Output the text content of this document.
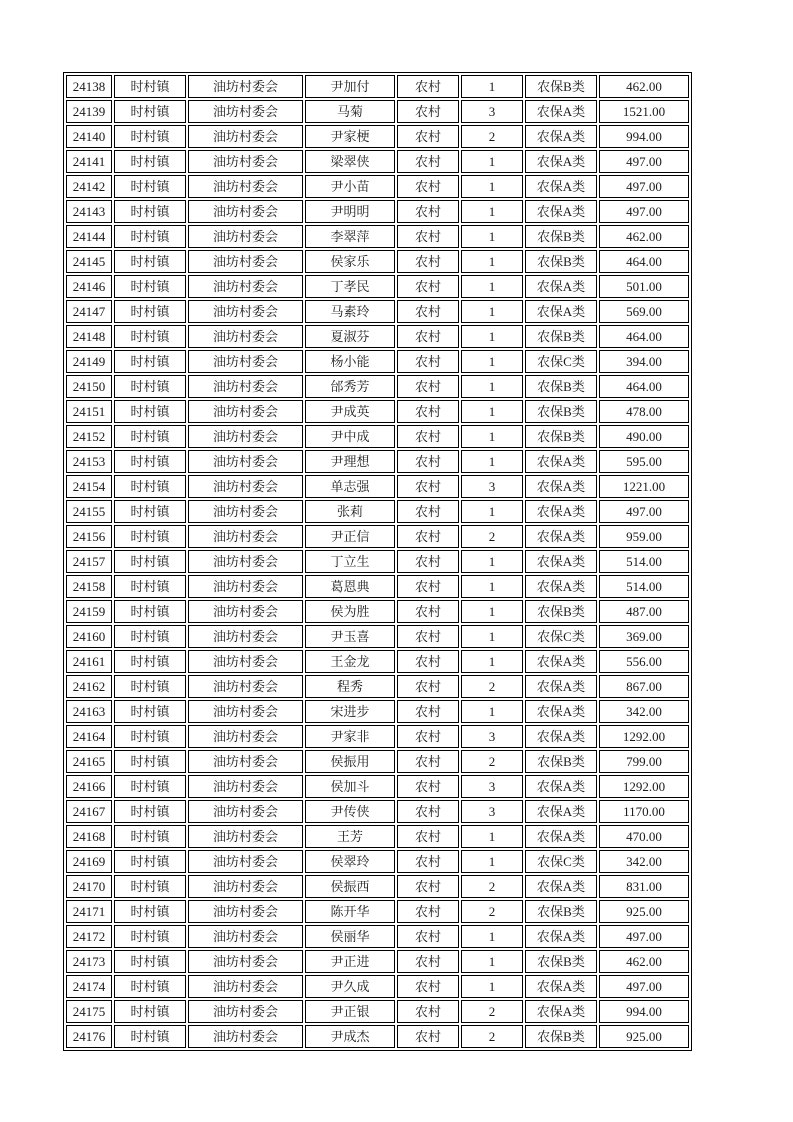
24138	时村镇	油坊村委会	尹加付	农村	1	农保B类	462.00
24139	时村镇	油坊村委会	马菊	农村	3	农保A类	1521.00
24140	时村镇	油坊村委会	尹家梗	农村	2	农保A类	994.00
24141	时村镇	油坊村委会	梁翠侠	农村	1	农保A类	497.00
24142	时村镇	油坊村委会	尹小苗	农村	1	农保A类	497.00
24143	时村镇	油坊村委会	尹明明	农村	1	农保A类	497.00
24144	时村镇	油坊村委会	李翠萍	农村	1	农保B类	462.00
24145	时村镇	油坊村委会	侯家乐	农村	1	农保B类	464.00
24146	时村镇	油坊村委会	丁孝民	农村	1	农保A类	501.00
24147	时村镇	油坊村委会	马素玲	农村	1	农保A类	569.00
24148	时村镇	油坊村委会	夏淑芬	农村	1	农保B类	464.00
24149	时村镇	油坊村委会	杨小能	农村	1	农保C类	394.00
24150	时村镇	油坊村委会	邰秀芳	农村	1	农保B类	464.00
24151	时村镇	油坊村委会	尹成英	农村	1	农保B类	478.00
24152	时村镇	油坊村委会	尹中成	农村	1	农保B类	490.00
24153	时村镇	油坊村委会	尹理想	农村	1	农保A类	595.00
24154	时村镇	油坊村委会	单志强	农村	3	农保A类	1221.00
24155	时村镇	油坊村委会	张莉	农村	1	农保A类	497.00
24156	时村镇	油坊村委会	尹正信	农村	2	农保A类	959.00
24157	时村镇	油坊村委会	丁立生	农村	1	农保A类	514.00
24158	时村镇	油坊村委会	葛恩典	农村	1	农保A类	514.00
24159	时村镇	油坊村委会	侯为胜	农村	1	农保B类	487.00
24160	时村镇	油坊村委会	尹玉喜	农村	1	农保C类	369.00
24161	时村镇	油坊村委会	王金龙	农村	1	农保A类	556.00
24162	时村镇	油坊村委会	程秀	农村	2	农保A类	867.00
24163	时村镇	油坊村委会	宋进步	农村	1	农保A类	342.00
24164	时村镇	油坊村委会	尹家非	农村	3	农保A类	1292.00
24165	时村镇	油坊村委会	侯振用	农村	2	农保B类	799.00
24166	时村镇	油坊村委会	侯加斗	农村	3	农保A类	1292.00
24167	时村镇	油坊村委会	尹传侠	农村	3	农保A类	1170.00
24168	时村镇	油坊村委会	王芳	农村	1	农保A类	470.00
24169	时村镇	油坊村委会	侯翠玲	农村	1	农保C类	342.00
24170	时村镇	油坊村委会	侯振西	农村	2	农保A类	831.00
24171	时村镇	油坊村委会	陈开华	农村	2	农保B类	925.00
24172	时村镇	油坊村委会	侯丽华	农村	1	农保A类	497.00
24173	时村镇	油坊村委会	尹正进	农村	1	农保B类	462.00
24174	时村镇	油坊村委会	尹久成	农村	1	农保A类	497.00
24175	时村镇	油坊村委会	尹正银	农村	2	农保A类	994.00
24176	时村镇	油坊村委会	尹成杰	农村	2	农保B类	925.00
